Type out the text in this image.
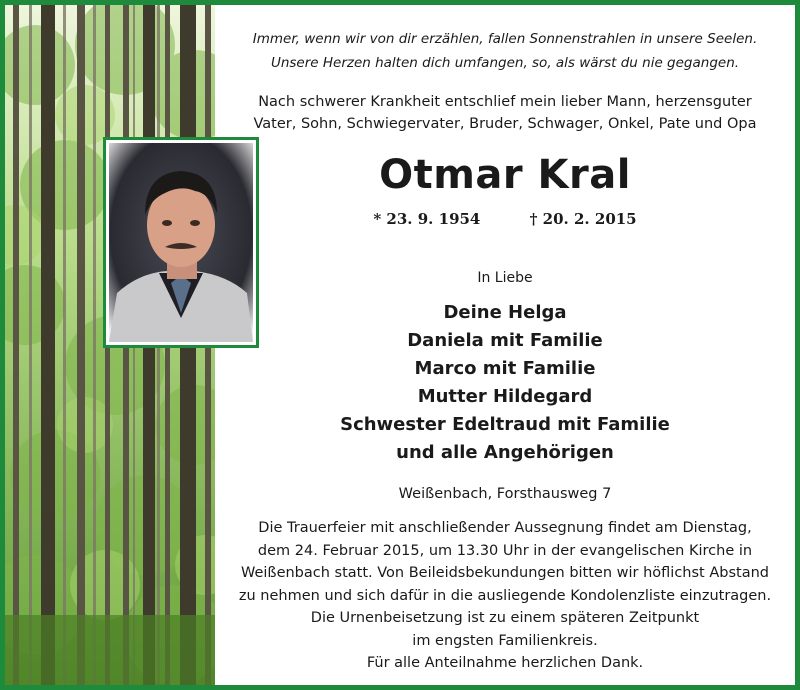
Immer, wenn wir von dir erzählen, fallen Sonnenstrahlen in unsere Seelen.
Unsere Herzen halten dich umfangen, so, als wärst du nie gegangen.
Nach schwerer Krankheit entschlief mein lieber Mann, herzensguter
Vater, Sohn, Schwiegervater, Bruder, Schwager, Onkel, Pate und Opa
Otmar Kral
* 23. 9. 1954	† 20. 2. 2015
In Liebe
Deine Helga
Daniela mit Familie
Marco mit Familie
Mutter Hildegard
Schwester Edeltraud mit Familie
und alle Angehörigen
Weißenbach, Forsthausweg 7
Die Trauerfeier mit anschließender Aussegnung findet am Dienstag,
dem 24. Februar 2015, um 13.30 Uhr in der evangelischen Kirche in
Weißenbach statt. Von Beileidsbekundungen bitten wir höflichst Abstand
zu nehmen und sich dafür in die ausliegende Kondolenzliste einzutragen.
Die Urnenbeisetzung ist zu einem späteren Zeitpunkt
im engsten Familienkreis.
Für alle Anteilnahme herzlichen Dank.
